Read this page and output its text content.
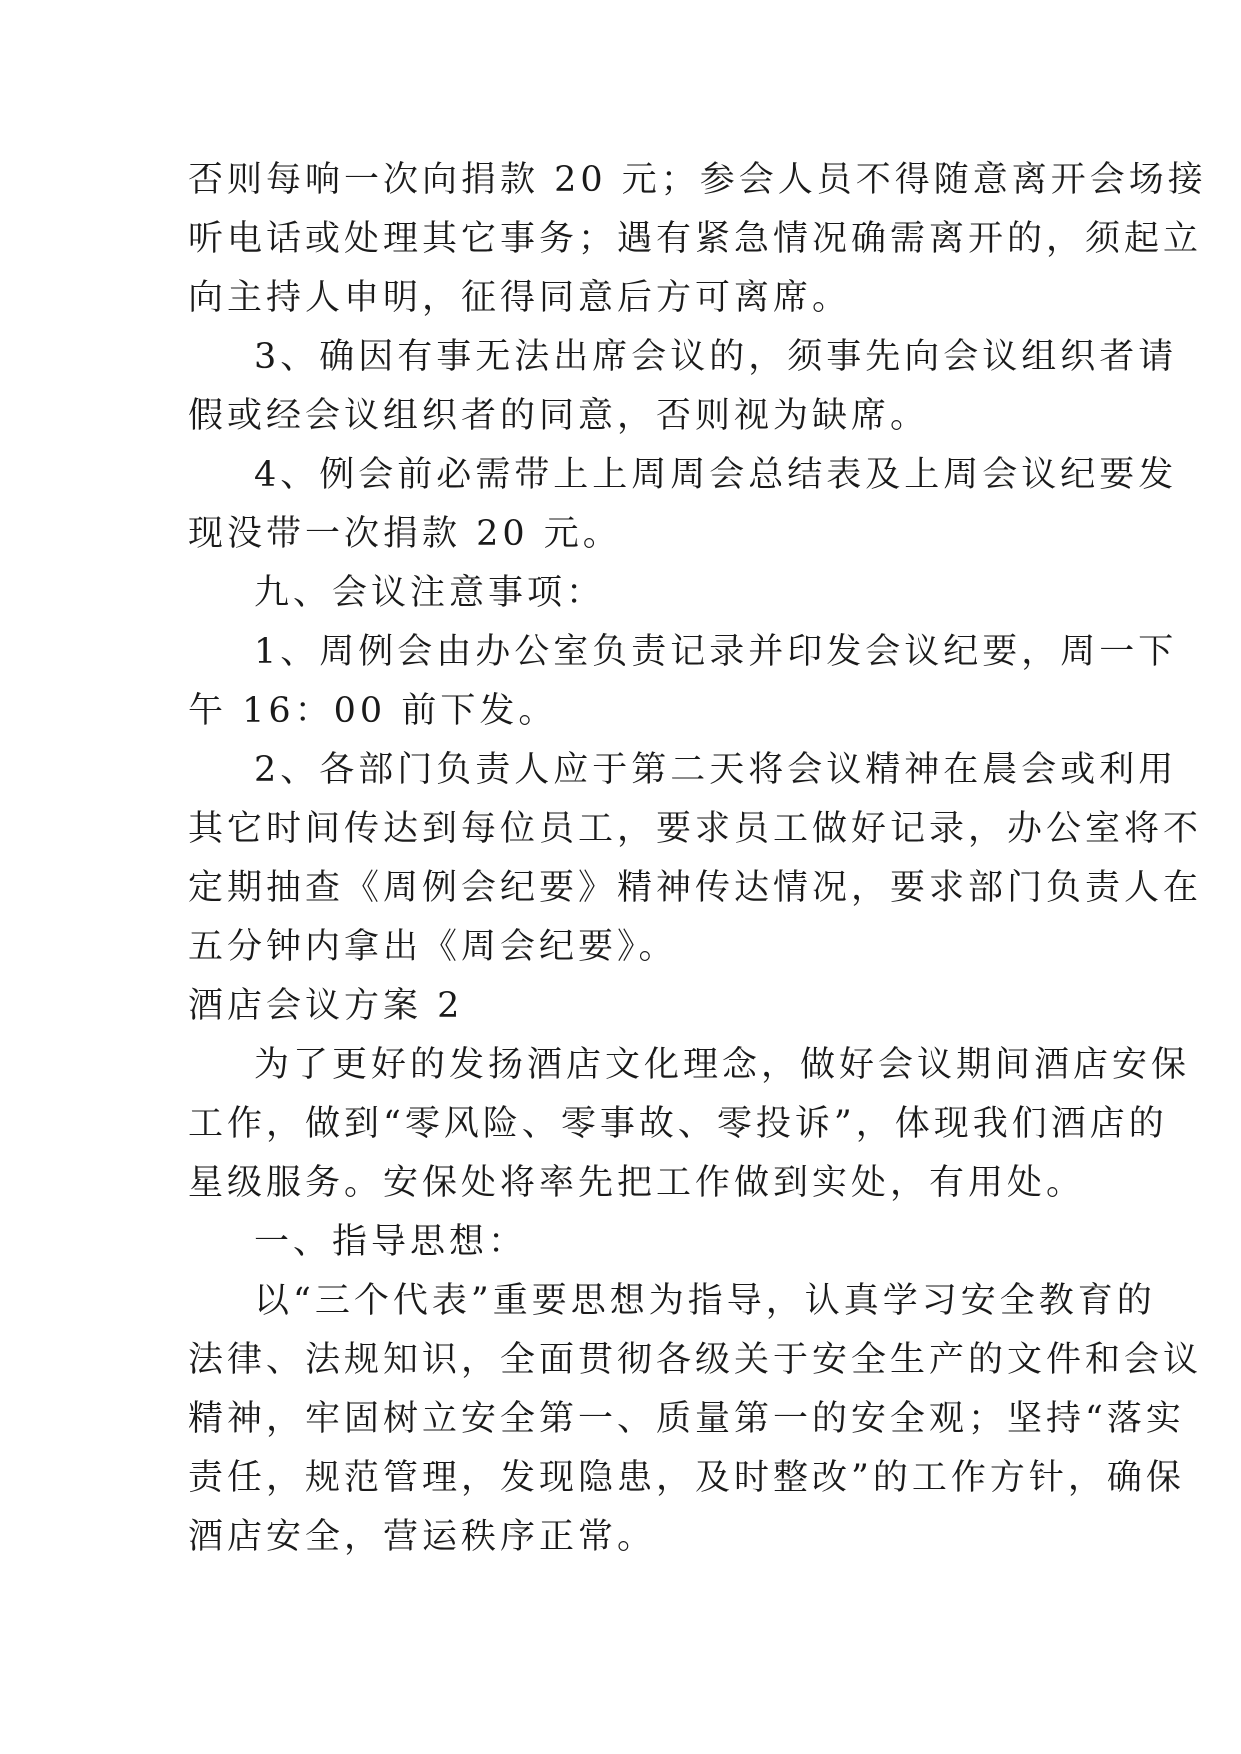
否则每响一次向捐款 20 元；参会人员不得随意离开会场接
听电话或处理其它事务；遇有紧急情况确需离开的，须起立
向主持人申明，征得同意后方可离席。
3、确因有事无法出席会议的，须事先向会议组织者请
假或经会议组织者的同意，否则视为缺席。
4、例会前必需带上上周周会总结表及上周会议纪要发
现没带一次捐款 20 元。
九、会议注意事项：
1、周例会由办公室负责记录并印发会议纪要，周一下
午 16：00 前下发。
2、各部门负责人应于第二天将会议精神在晨会或利用
其它时间传达到每位员工，要求员工做好记录，办公室将不
定期抽查《周例会纪要》精神传达情况，要求部门负责人在
五分钟内拿出《周会纪要》。
酒店会议方案 2
为了更好的发扬酒店文化理念，做好会议期间酒店安保
工作，做到“零风险、零事故、零投诉”，体现我们酒店的
星级服务。安保处将率先把工作做到实处，有用处。
一、指导思想：
以“三个代表”重要思想为指导，认真学习安全教育的
法律、法规知识，全面贯彻各级关于安全生产的文件和会议
精神，牢固树立安全第一、质量第一的安全观；坚持“落实
责任，规范管理，发现隐患，及时整改”的工作方针，确保
酒店安全，营运秩序正常。
